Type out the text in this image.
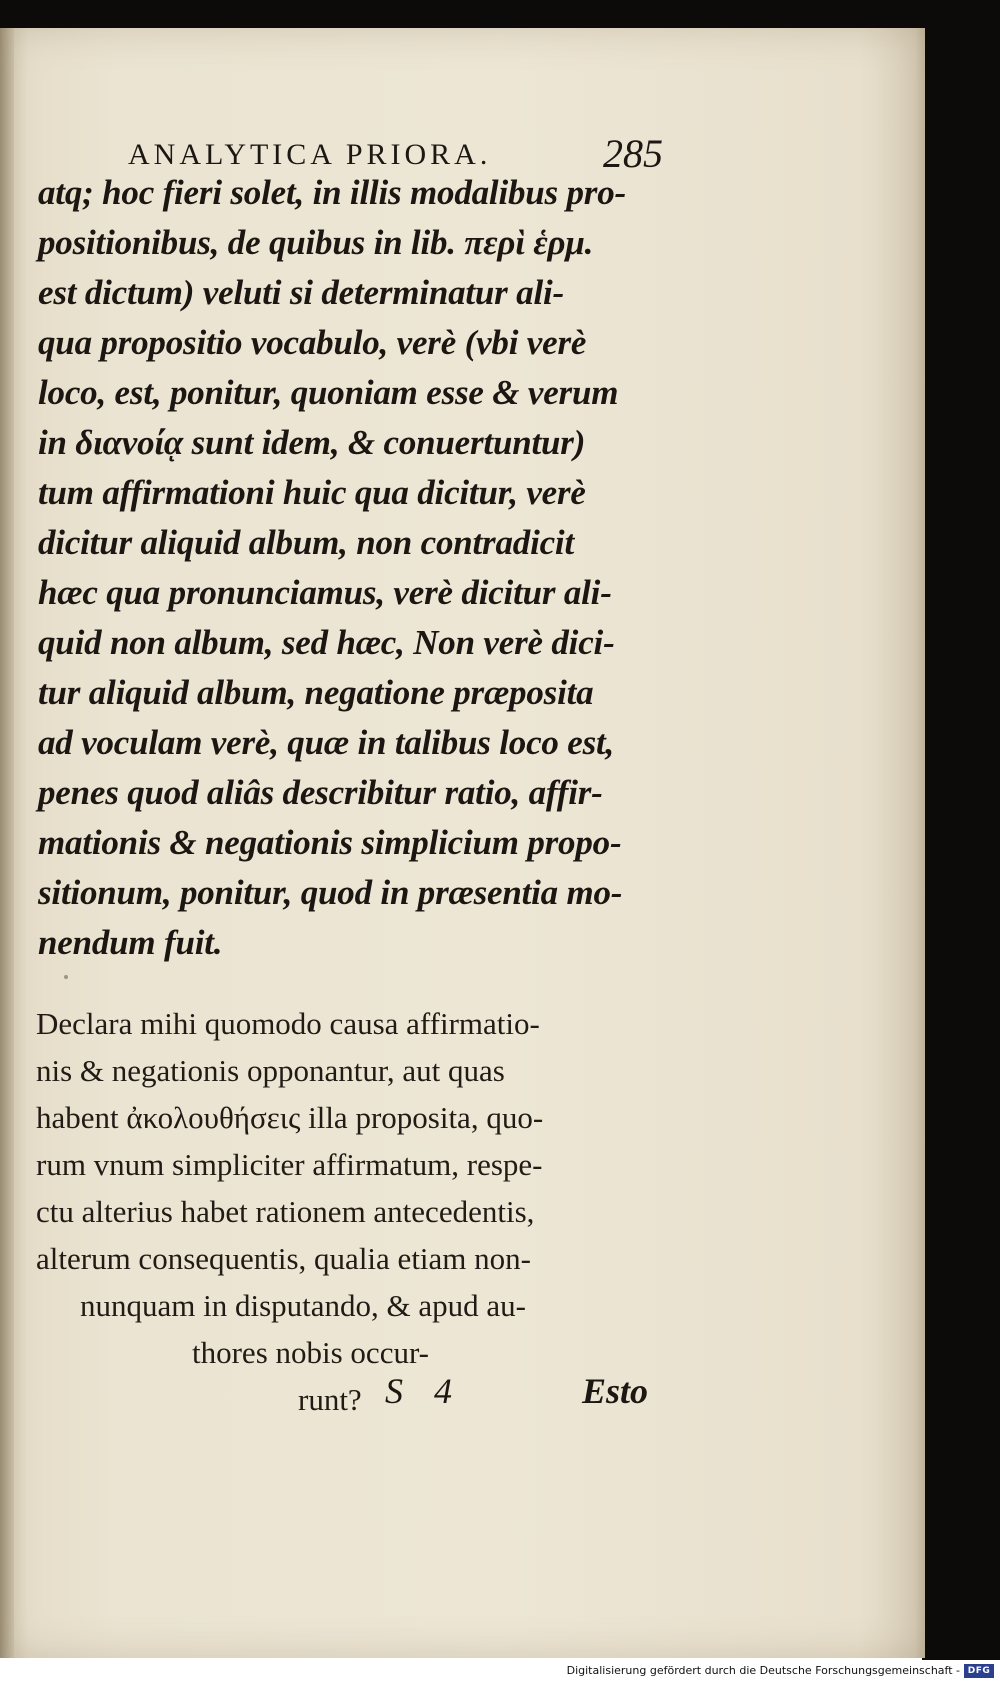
ANALYTICA PRIORA.	285
atq; hoc fieri solet, in illis modalibus pro-
positionibus, de quibus in lib. περὶ ἑρμ.
est dictum) veluti si determinatur ali-
qua propositio vocabulo, verè (vbi verè
loco, est, ponitur, quoniam esse & verum
in διανοίᾳ sunt idem, & conuertuntur)
tum affirmationi huic qua dicitur, verè
dicitur aliquid album, non contradicit
hæc qua pronunciamus, verè dicitur ali-
quid non album, sed hæc, Non verè dici-
tur aliquid album, negatione præposita
ad voculam verè, quæ in talibus loco est,
penes quod aliâs describitur ratio, affir-
mationis & negationis simplicium propo-
sitionum, ponitur, quod in præsentia mo-
nendum fuit.
Declara mihi quomodo causa affirmatio-
nis & negationis opponantur, aut quas
habent ἀκολουθήσεις illa proposita, quo-
rum vnum simpliciter affirmatum, respe-
ctu alterius habet rationem antecedentis,
alterum consequentis, qualia etiam non-
nunquam in disputando, & apud au-
thores nobis occur-
runt? S 4	Esto
Digitalisierung gefördert durch die Deutsche Forschungsgemeinschaft - DFG
